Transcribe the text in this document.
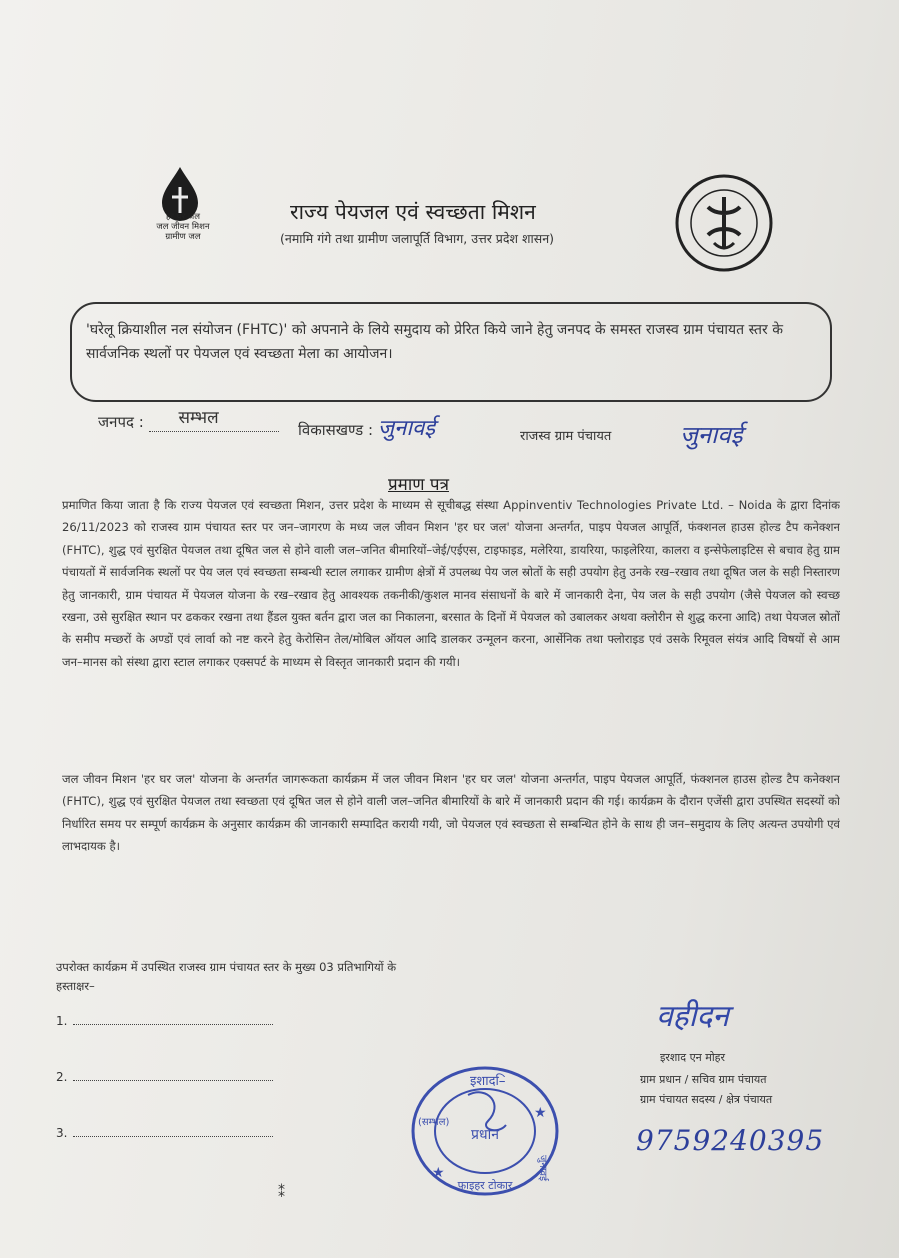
हर घर जल
जल जीवन मिशन
ग्रामीण जल
राज्य पेयजल एवं स्वच्छता मिशन
(नमामि गंगे तथा ग्रामीण जलापूर्ति विभाग, उत्तर प्रदेश शासन)
'घरेलू क्रियाशील नल संयोजन (FHTC)' को अपनाने के लिये समुदाय को प्रेरित किये जाने हेतु जनपद के समस्त राजस्व ग्राम पंचायत स्तर के सार्वजनिक स्थलों पर पेयजल एवं स्वच्छता मेला का आयोजन।
जनपद : सम्भल

विकासखण्ड : जुनावई	राजस्व ग्राम पंचायत	जुनावई
प्रमाण पत्र
प्रमाणित किया जाता है कि राज्य पेयजल एवं स्वच्छता मिशन, उत्तर प्रदेश के माध्यम से सूचीबद्ध संस्था Appinventiv Technologies Private Ltd. – Noida के द्वारा दिनांक 26/11/2023 को राजस्व ग्राम पंचायत स्तर पर जन–जागरण के मध्य जल जीवन मिशन 'हर घर जल' योजना अन्तर्गत, पाइप पेयजल आपूर्ति, फंक्शनल हाउस होल्ड टैप कनेक्शन (FHTC), शुद्ध एवं सुरक्षित पेयजल तथा दूषित जल से होने वाली जल–जनित बीमारियों–जेई/एईएस, टाइफाइड, मलेरिया, डायरिया, फाइलेरिया, कालरा व इन्सेफेलाइटिस से बचाव हेतु ग्राम पंचायतों में सार्वजनिक स्थलों पर पेय जल एवं स्वच्छता सम्बन्धी स्टाल लगाकर ग्रामीण क्षेत्रों में उपलब्ध पेय जल स्रोतों के सही उपयोग हेतु उनके रख–रखाव तथा दूषित जल के सही निस्तारण हेतु जानकारी, ग्राम पंचायत में पेयजल योजना के रख–रखाव हेतु आवश्यक तकनीकी/कुशल मानव संसाधनों के बारे में जानकारी देना, पेय जल के सही उपयोग (जैसे पेयजल को स्वच्छ रखना, उसे सुरक्षित स्थान पर ढककर रखना तथा हैंडल युक्त बर्तन द्वारा जल का निकालना, बरसात के दिनों में पेयजल को उबालकर अथवा क्लोरीन से शुद्ध करना आदि) तथा पेयजल स्रोतों के समीप मच्छरों के अण्डों एवं लार्वा को नष्ट करने हेतु केरोसिन तेल/मोबिल ऑयल आदि डालकर उन्मूलन करना, आर्सेनिक तथा फ्लोराइड एवं उसके रिमूवल संयंत्र आदि विषयों से आम जन–मानस को संस्था द्वारा स्टाल लगाकर एक्सपर्ट के माध्यम से विस्तृत जानकारी प्रदान की गयी।
जल जीवन मिशन 'हर घर जल' योजना के अन्तर्गत जागरूकता कार्यक्रम में जल जीवन मिशन 'हर घर जल' योजना अन्तर्गत, पाइप पेयजल आपूर्ति, फंक्शनल हाउस होल्ड टैप कनेक्शन (FHTC), शुद्ध एवं सुरक्षित पेयजल तथा स्वच्छता एवं दूषित जल से होने वाली जल–जनित बीमारियों के बारे में जानकारी प्रदान की गई। कार्यक्रम के दौरान एजेंसी द्वारा उपस्थित सदस्यों को निर्धारित समय पर सम्पूर्ण कार्यक्रम के अनुसार कार्यक्रम की जानकारी सम्पादित करायी गयी, जो पेयजल एवं स्वच्छता से सम्बन्धित होने के साथ ही जन–समुदाय के लिए अत्यन्त उपयोगी एवं लाभदायक है।
उपरोक्त कार्यक्रम में उपस्थित राजस्व ग्राम पंचायत स्तर के मुख्य 03 प्रतिभागियों के
हस्ताक्षर–
1.
2.
3.
वहीदन
इरशाद एन मोहर
ग्राम प्रधान / सचिव ग्राम पंचायत
ग्राम पंचायत सदस्य / क्षेत्र पंचायत
9759240395
इशाद–ि
प्रधान
फ़ाइहर टोकार
(सम्भल)
जुनावई
★
★
⁑
